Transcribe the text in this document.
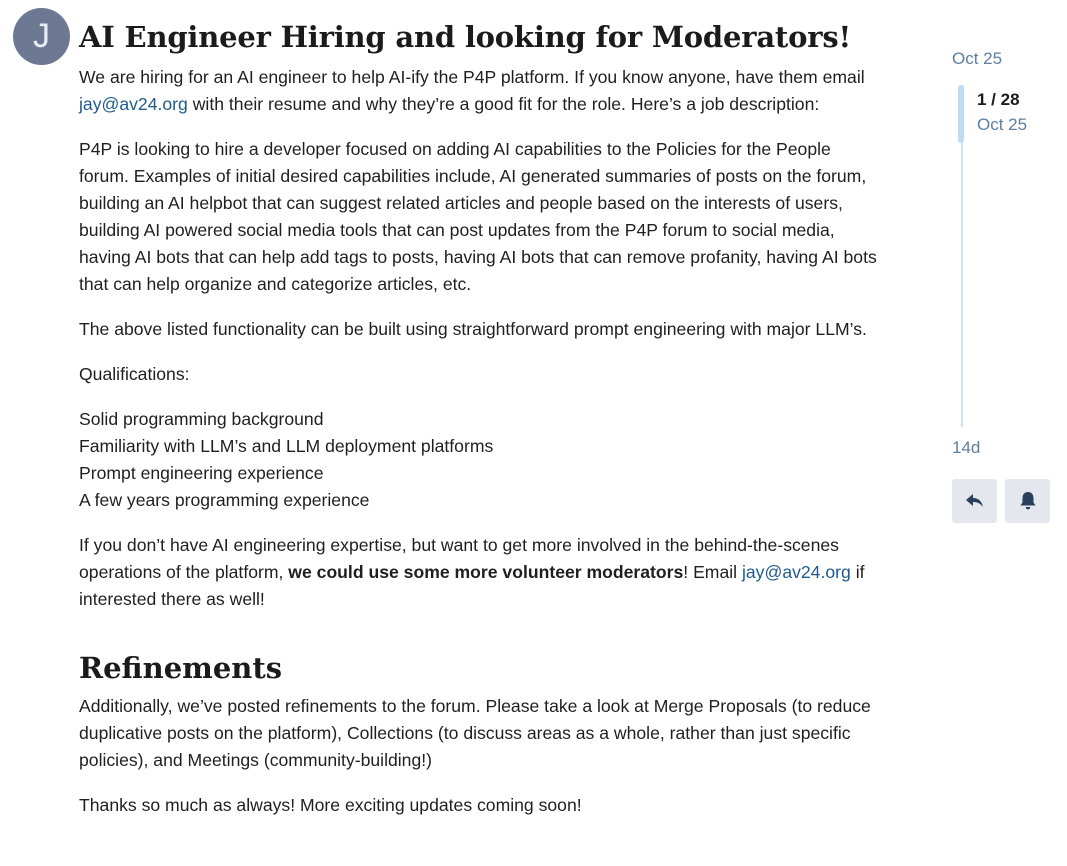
J	AI Engineer Hiring and looking for Moderators!

We are hiring for an AI engineer to help AI-ify the P4P platform. If you know anyone, have them email jay@av24.org with their resume and why they’re a good fit for the role. Here’s a job description:

P4P is looking to hire a developer focused on adding AI capabilities to the Policies for the People forum. Examples of initial desired capabilities include, AI generated summaries of posts on the forum, building an AI helpbot that can suggest related articles and people based on the interests of users, building AI powered social media tools that can post updates from the P4P forum to social media, having AI bots that can help add tags to posts, having AI bots that can remove profanity, having AI bots that can help organize and categorize articles, etc.

The above listed functionality can be built using straightforward prompt engineering with major LLM’s.

Qualifications:

Solid programming background
Familiarity with LLM’s and LLM deployment platforms
Prompt engineering experience
A few years programming experience

If you don’t have AI engineering expertise, but want to get more involved in the behind-the-scenes operations of the platform, we could use some more volunteer moderators! Email jay@av24.org if interested there as well!

Refinements

Additionally, we’ve posted refinements to the forum. Please take a look at Merge Proposals (to reduce duplicative posts on the platform), Collections (to discuss areas as a whole, rather than just specific policies), and Meetings (community-building!)

Thanks so much as always! More exciting updates coming soon!

Oct 25
1 / 28
Oct 25
14d
